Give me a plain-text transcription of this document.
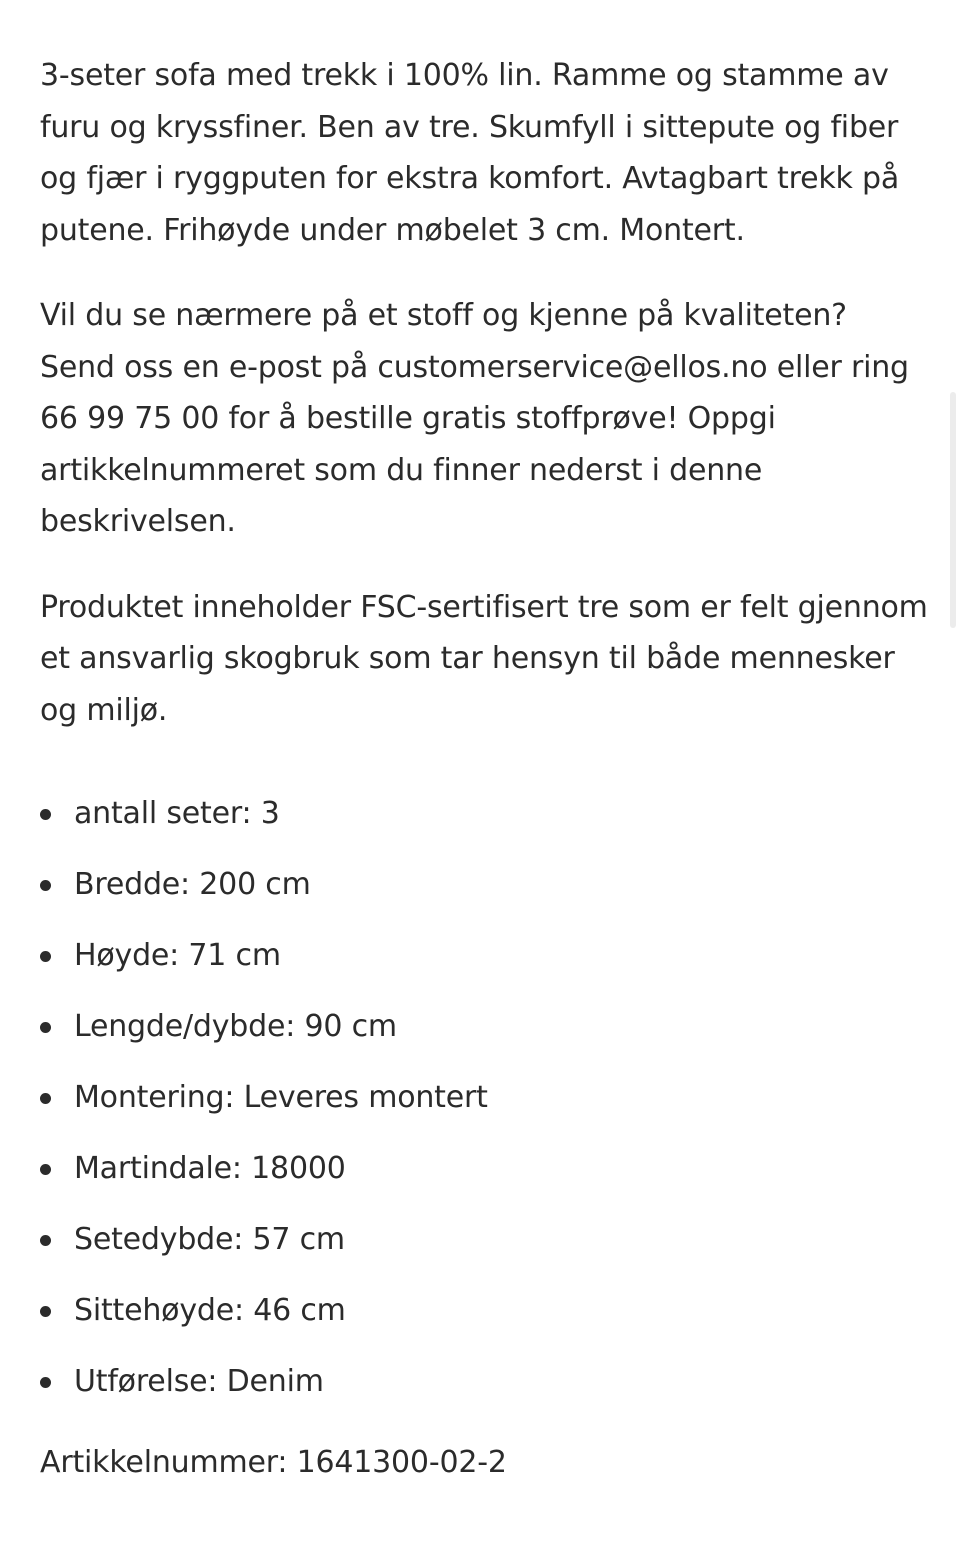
3-seter sofa med trekk i 100% lin. Ramme og stamme av furu og kryssfiner. Ben av tre. Skumfyll i sittepute og fiber og fjær i ryggputen for ekstra komfort. Avtagbart trekk på putene. Frihøyde under møbelet 3 cm. Montert.

Vil du se nærmere på et stoff og kjenne på kvaliteten? Send oss en e-post på customerservice@ellos.no eller ring 66 99 75 00 for å bestille gratis stoffprøve! Oppgi artikkelnummeret som du finner nederst i denne beskrivelsen.

Produktet inneholder FSC-sertifisert tre som er felt gjennom et ansvarlig skogbruk som tar hensyn til både mennesker og miljø.

antall seter: 3
Bredde: 200 cm
Høyde: 71 cm
Lengde/dybde: 90 cm
Montering: Leveres montert
Martindale: 18000
Setedybde: 57 cm
Sittehøyde: 46 cm
Utførelse: Denim
Artikkelnummer: 1641300-02-2
